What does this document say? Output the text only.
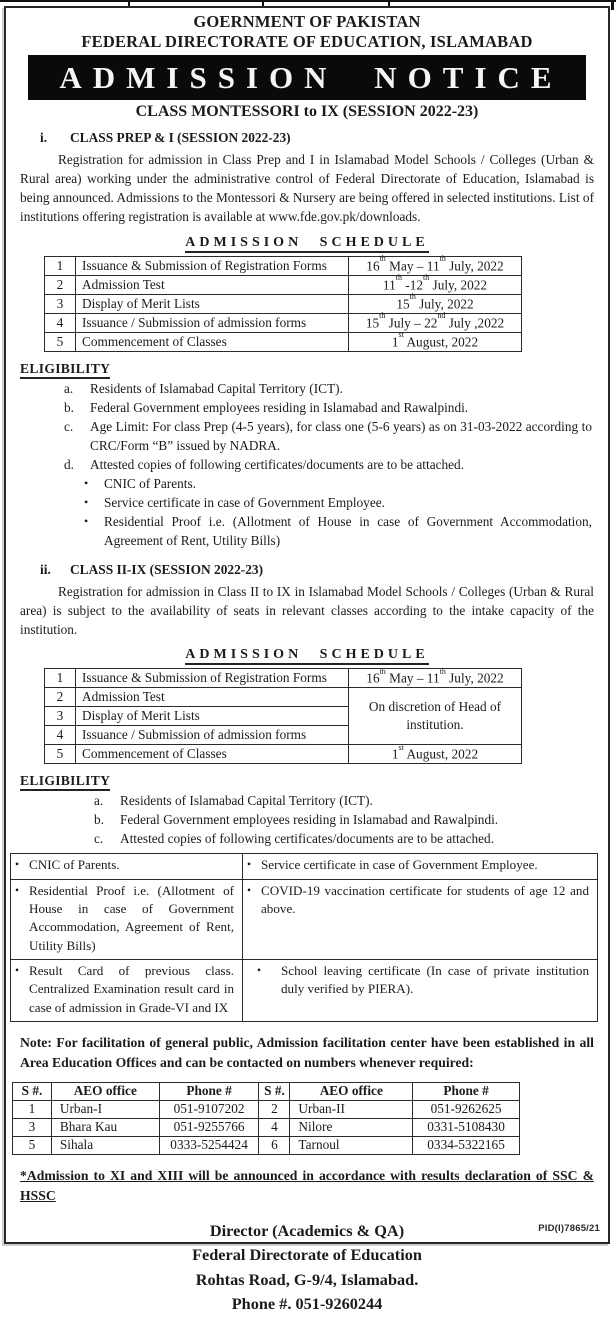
GOERNMENT OF PAKISTAN
FEDERAL DIRECTORATE OF EDUCATION, ISLAMABAD
ADMISSION NOTICE
CLASS MONTESSORI to IX (SESSION 2022-23)
i.	CLASS PREP & I (SESSION 2022-23)
Registration for admission in Class Prep and I in Islamabad Model Schools / Colleges (Urban & Rural area) working under the administrative control of Federal Directorate of Education, Islamabad is being announced. Admissions to the Montessori & Nursery are being offered in selected institutions. List of institutions offering registration is available at www.fde.gov.pk/downloads.
ADMISSION SCHEDULE
1	Issuance & Submission of Registration Forms	16th May – 11th July, 2022
2	Admission Test	11th -12th July, 2022
3	Display of Merit Lists	15th July, 2022
4	Issuance / Submission of admission forms	15th July – 22nd July ,2022
5	Commencement of Classes	1st August, 2022
ELIGIBILITY
a.	Residents of Islamabad Capital Territory (ICT).
b.	Federal Government employees residing in Islamabad and Rawalpindi.
c.	Age Limit: For class Prep (4-5 years), for class one (5-6 years) as on 31-03-2022 according to CRC/Form “B” issued by NADRA.
d.	Attested copies of following certificates/documents are to be attached.
•	CNIC of Parents.
•	Service certificate in case of Government Employee.
•	Residential Proof i.e. (Allotment of House in case of Government Accommodation, Agreement of Rent, Utility Bills)
ii.	CLASS II-IX (SESSION 2022-23)
Registration for admission in Class II to IX in Islamabad Model Schools / Colleges (Urban & Rural area) is subject to the availability of seats in relevant classes according to the intake capacity of the institution.
ADMISSION SCHEDULE
1	Issuance & Submission of Registration Forms	16th May – 11th July, 2022
2	Admission Test	On discretion of Head of institution.
3	Display of Merit Lists	
4	Issuance / Submission of admission forms	
5	Commencement of Classes	1st August, 2022
ELIGIBILITY
a.	Residents of Islamabad Capital Territory (ICT).
b.	Federal Government employees residing in Islamabad and Rawalpindi.
c.	Attested copies of following certificates/documents are to be attached.
• CNIC of Parents.	• Service certificate in case of Government Employee.

• Residential Proof i.e. (Allotment of House in case of Government Accommodation, Agreement of Rent, Utility Bills)	• COVID-19 vaccination certificate for students of age 12 and above.

• Result Card of previous class. Centralized Examination result card in case of admission in Grade-VI and IX	• School leaving certificate (In case of private institution duly verified by PIERA).
Note: For facilitation of general public, Admission facilitation center have been established in all Area Education Offices and can be contacted on numbers whenever required:
S #.	AEO office	Phone #	S #.	AEO office	Phone #
1	Urban-I	051-9107202	2	Urban-II	051-9262625
3	Bhara Kau	051-9255766	4	Nilore	0331-5108430
5	Sihala	0333-5254424	6	Tarnoul	0334-5322165
*Admission to XI and XIII will be announced in accordance with results declaration of SSC & HSSC
Director (Academics & QA)
Federal Directorate of Education
Rohtas Road, G-9/4, Islamabad.
Phone #. 051-9260244
PID(I)7865/21
